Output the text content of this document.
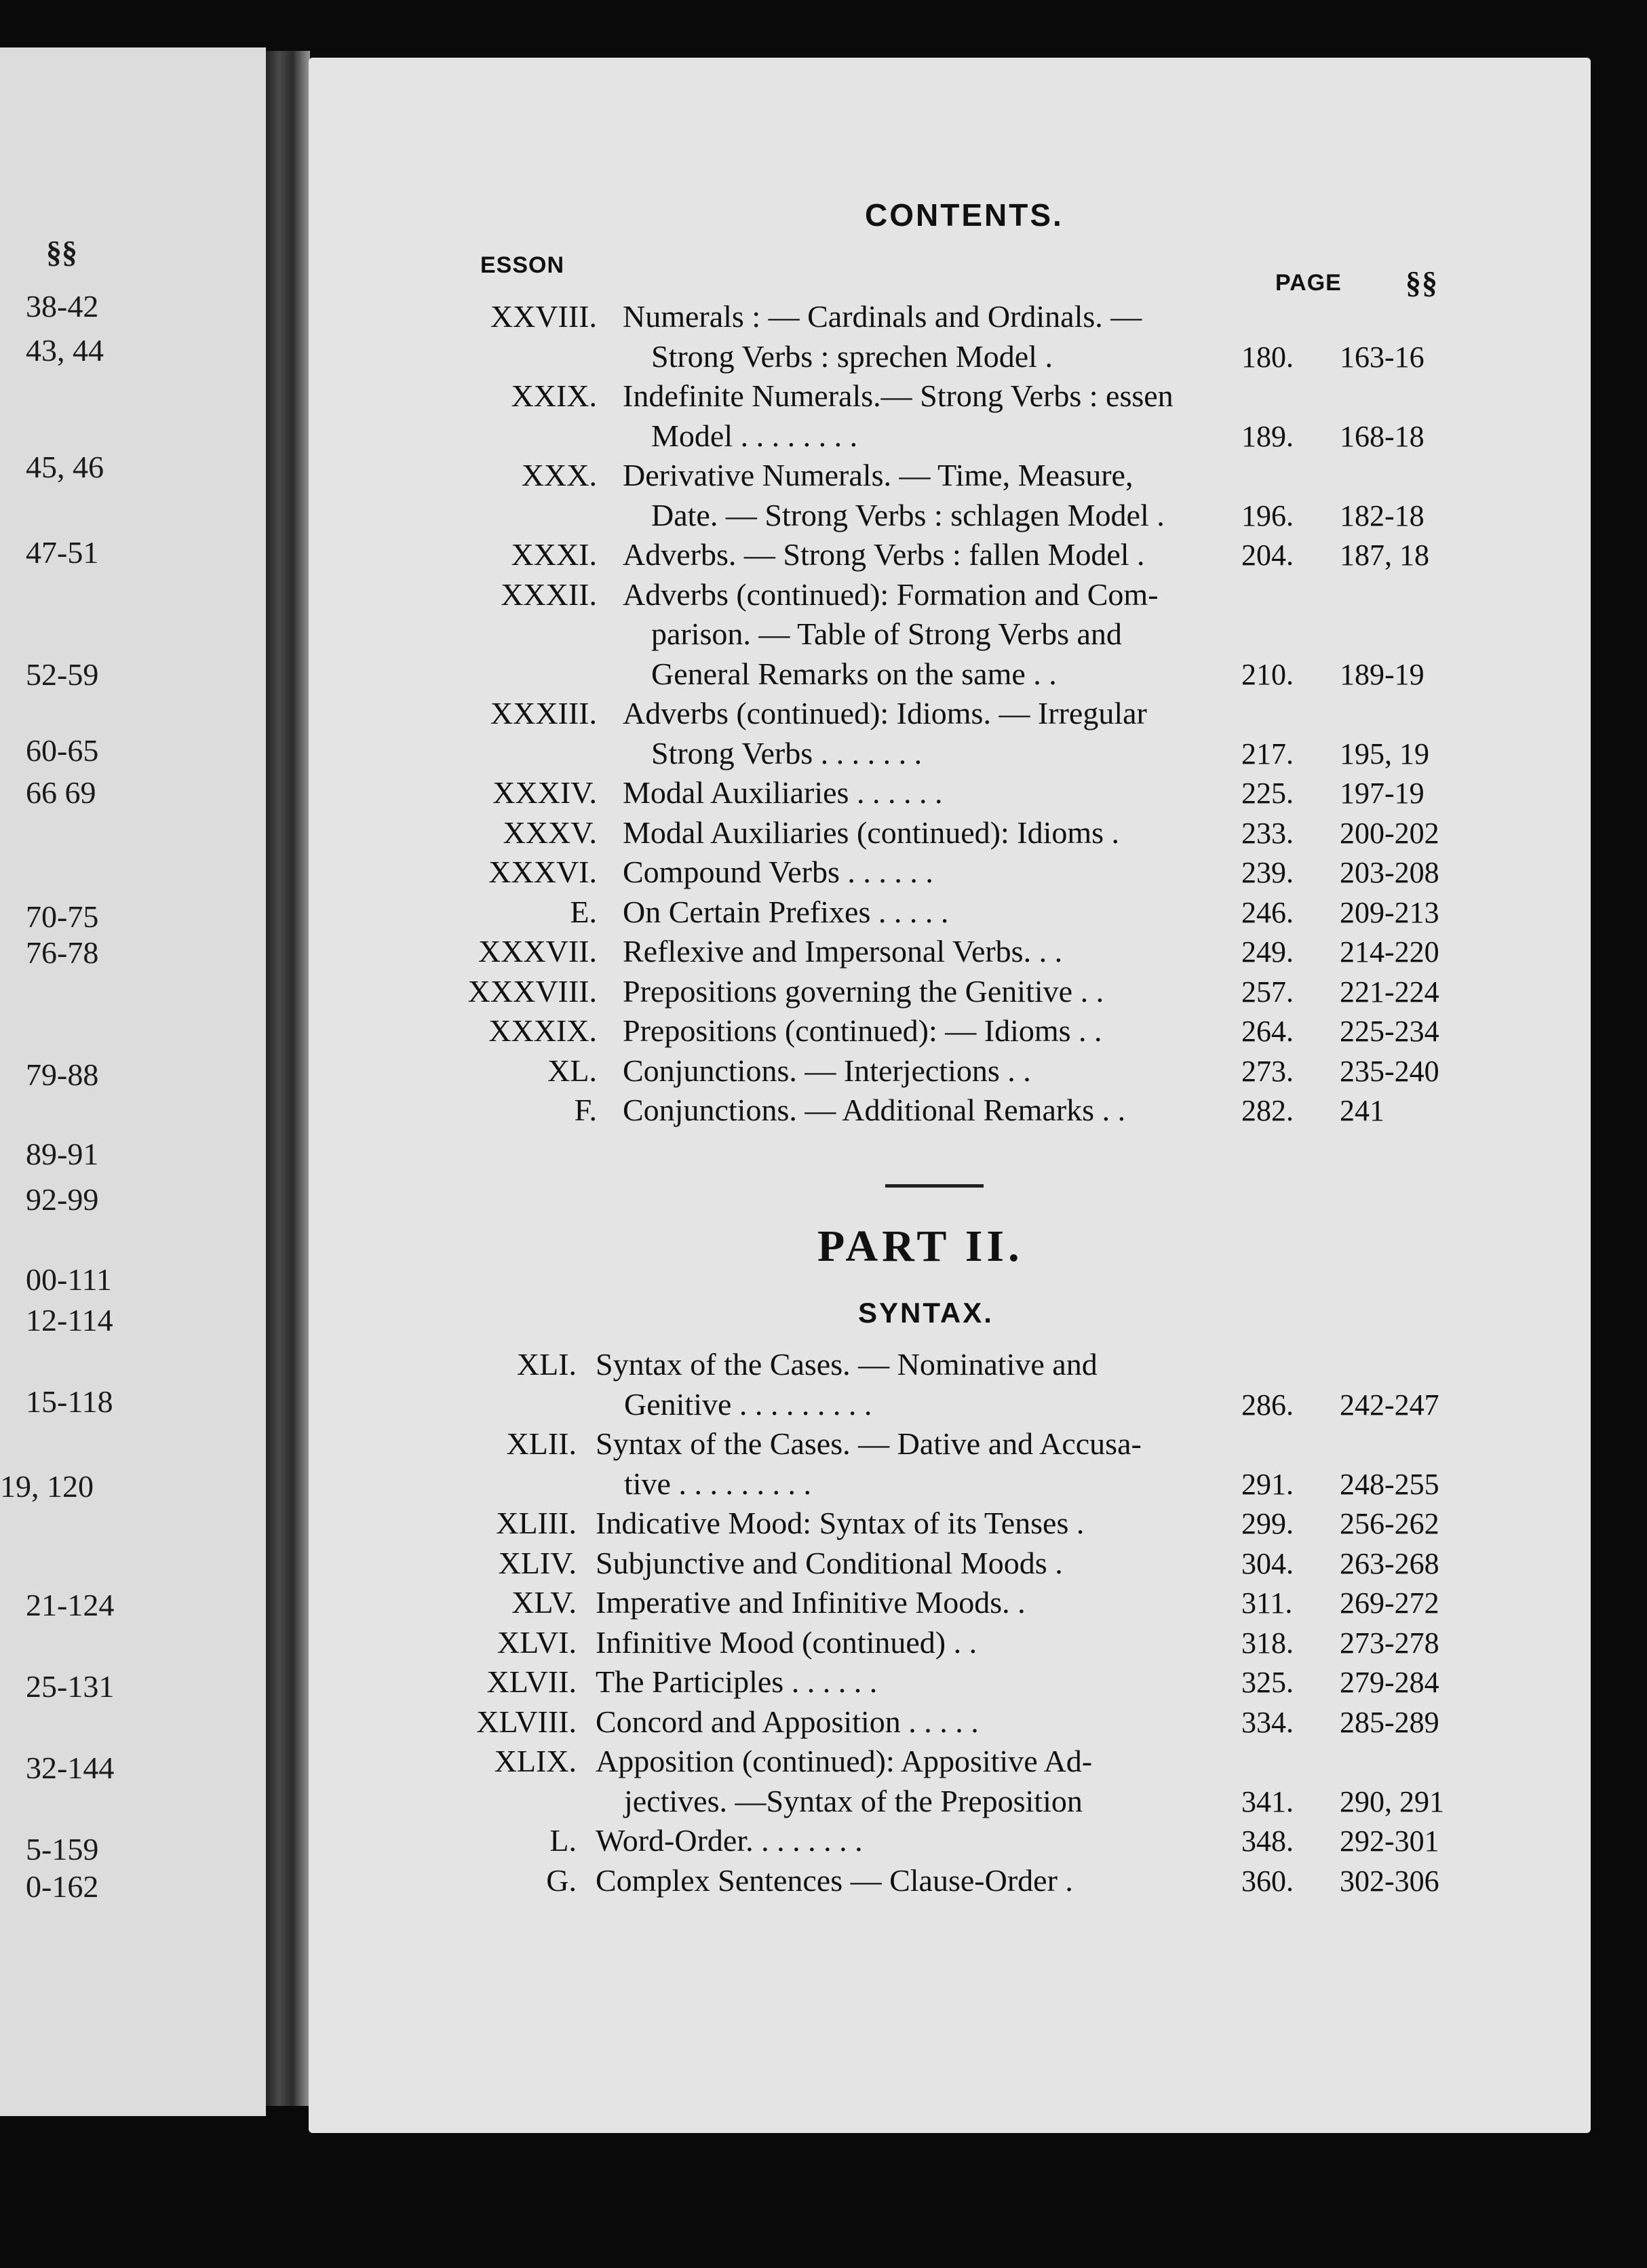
§§
38-42
43, 44
45, 46
47-51
52-59
60-65
66 69
70-75
76-78
79-88
89-91
92-99
00-111
12-114
15-118
19, 120
21-124
25-131
32-144
5-159
0-162
CONTENTS.
ESSON
PAGE §§
XXVIII. Numerals : — Cardinals and Ordinals. —
Strong Verbs : sprechen Model .	180. 163-16
XXIX. Indefinite Numerals.— Strong Verbs : essen
Model . . . . . . . .	189. 168-18
XXX. Derivative Numerals. — Time, Measure,
Date. — Strong Verbs : schlagen Model .	196. 182-18
XXXI. Adverbs. — Strong Verbs : fallen Model .	204. 187, 18
XXXII. Adverbs (continued): Formation and Com-
parison. — Table of Strong Verbs and
General Remarks on the same . .	210. 189-19
XXXIII. Adverbs (continued): Idioms. — Irregular
Strong Verbs . . . . . . .	217. 195, 19
XXXIV. Modal Auxiliaries . . . . . .	225. 197-19
XXXV. Modal Auxiliaries (continued): Idioms .	233. 200-202
XXXVI. Compound Verbs . . . . . .	239. 203-208
E. On Certain Prefixes . . . . .	246. 209-213
XXXVII. Reflexive and Impersonal Verbs. . .	249. 214-220
XXXVIII. Prepositions governing the Genitive . .	257. 221-224
XXXIX. Prepositions (continued): — Idioms . .	264. 225-234
XL. Conjunctions. — Interjections . .	273. 235-240
F. Conjunctions. — Additional Remarks . .	282. 241
PART II.
SYNTAX.
XLI. Syntax of the Cases. — Nominative and
Genitive . . . . . . . . .	286. 242-247
XLII. Syntax of the Cases. — Dative and Accusa-
tive . . . . . . . . .	291. 248-255
XLIII. Indicative Mood: Syntax of its Tenses .	299. 256-262
XLIV. Subjunctive and Conditional Moods .	304. 263-268
XLV. Imperative and Infinitive Moods. .	311. 269-272
XLVI. Infinitive Mood (continued) . .	318. 273-278
XLVII. The Participles . . . . . .	325. 279-284
XLVIII. Concord and Apposition . . . . .	334. 285-289
XLIX. Apposition (continued): Appositive Ad-
jectives. —Syntax of the Preposition	341. 290, 291
L. Word-Order. . . . . . . .	348. 292-301
G. Complex Sentences — Clause-Order .	360. 302-306
